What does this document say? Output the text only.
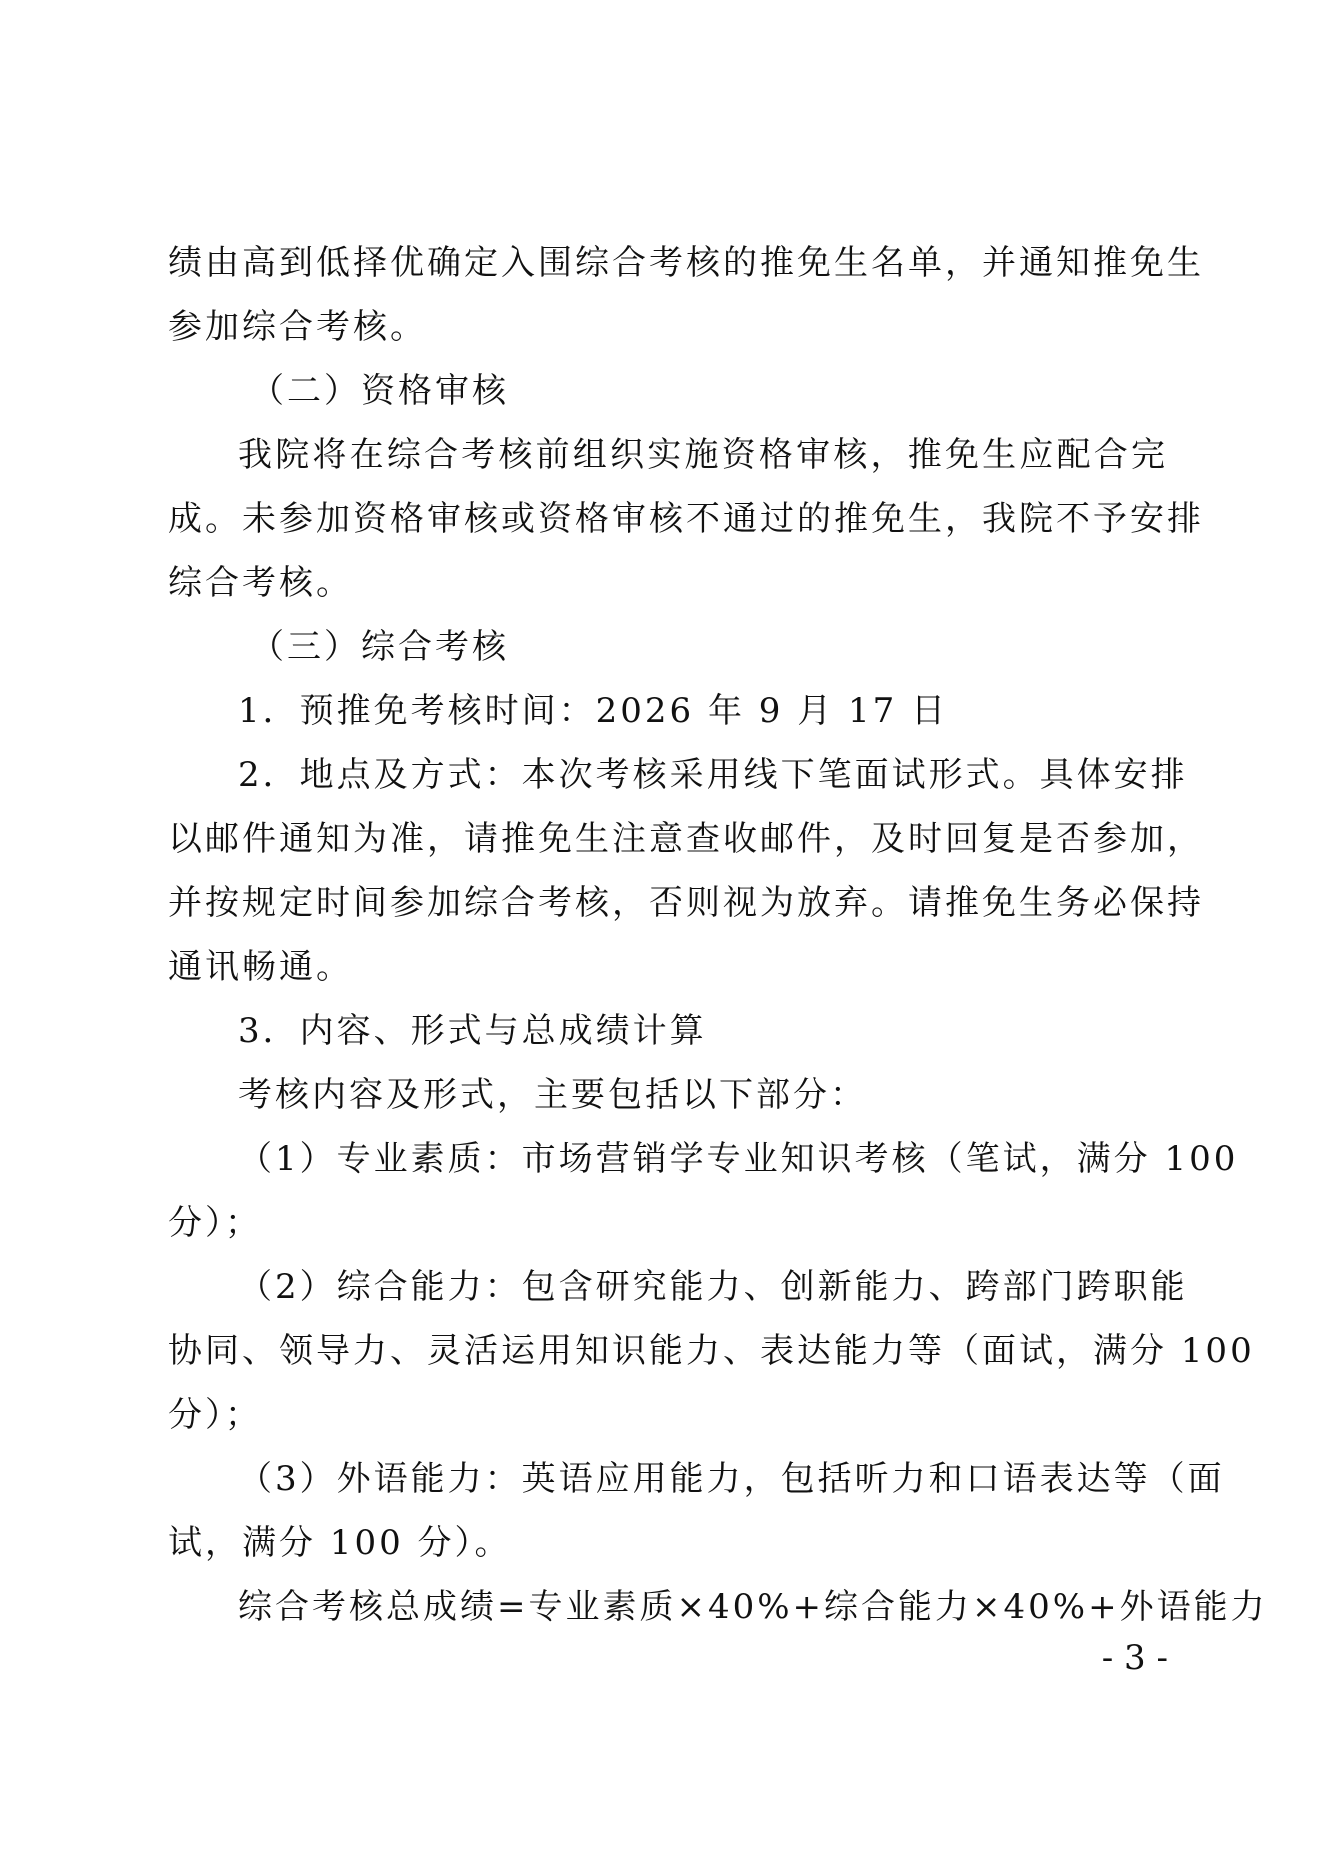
绩由高到低择优确定入围综合考核的推免生名单，并通知推免生
参加综合考核。
（二）资格审核
我院将在综合考核前组织实施资格审核，推免生应配合完
成。未参加资格审核或资格审核不通过的推免生，我院不予安排
综合考核。
（三）综合考核
1．预推免考核时间：2026 年 9 月 17 日
2．地点及方式：本次考核采用线下笔面试形式。具体安排
以邮件通知为准，请推免生注意查收邮件，及时回复是否参加，
并按规定时间参加综合考核，否则视为放弃。请推免生务必保持
通讯畅通。
3．内容、形式与总成绩计算
考核内容及形式，主要包括以下部分：
（1）专业素质：市场营销学专业知识考核（笔试，满分 100
分）；
（2）综合能力：包含研究能力、创新能力、跨部门跨职能
协同、领导力、灵活运用知识能力、表达能力等（面试，满分 100
分）；
（3）外语能力：英语应用能力，包括听力和口语表达等（面
试，满分 100 分）。
综合考核总成绩=专业素质×40%+综合能力×40%+外语能力
- 3 -
